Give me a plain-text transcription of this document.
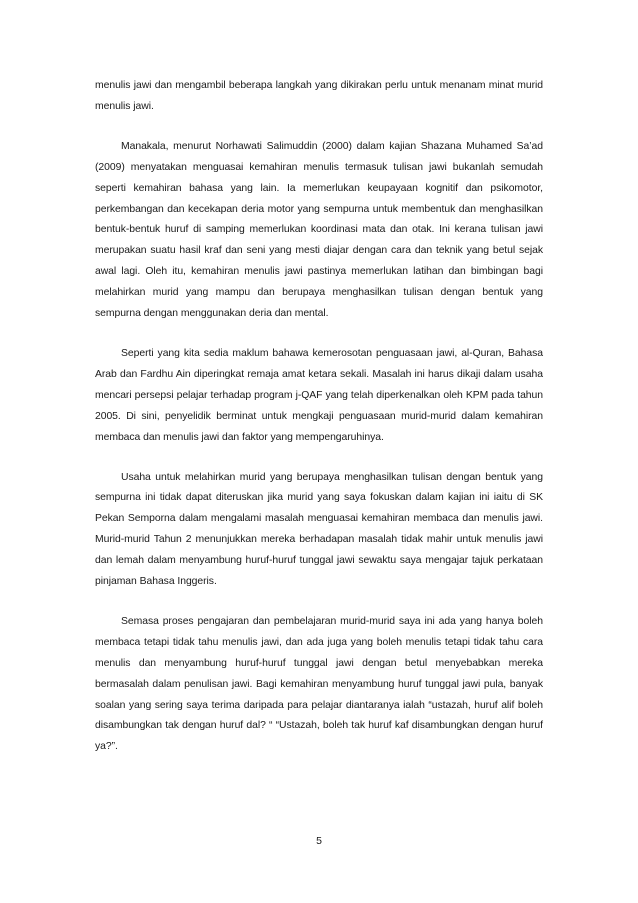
menulis jawi dan mengambil beberapa langkah yang dikirakan perlu untuk menanam minat murid menulis jawi.

Manakala, menurut Norhawati Salimuddin (2000) dalam kajian Shazana Muhamed Sa’ad (2009) menyatakan menguasai kemahiran menulis termasuk tulisan jawi bukanlah semudah seperti kemahiran bahasa yang lain. Ia memerlukan keupayaan kognitif dan psikomotor, perkembangan dan kecekapan deria motor yang sempurna untuk membentuk dan menghasilkan bentuk-bentuk huruf di samping memerlukan koordinasi mata dan otak. Ini kerana tulisan jawi merupakan suatu hasil kraf dan seni yang mesti diajar dengan cara dan teknik yang betul sejak awal lagi. Oleh itu, kemahiran menulis jawi pastinya memerlukan latihan dan bimbingan bagi melahirkan murid yang mampu dan berupaya menghasilkan tulisan dengan bentuk yang sempurna dengan menggunakan deria dan mental.

Seperti yang kita sedia maklum bahawa kemerosotan penguasaan jawi, al-Quran, Bahasa Arab dan Fardhu Ain diperingkat remaja amat ketara sekali. Masalah ini harus dikaji dalam usaha mencari persepsi pelajar terhadap program j-QAF yang telah diperkenalkan oleh KPM pada tahun 2005. Di sini, penyelidik berminat untuk mengkaji penguasaan murid-murid dalam kemahiran membaca dan menulis jawi dan faktor yang mempengaruhinya.

Usaha untuk melahirkan murid yang berupaya menghasilkan tulisan dengan bentuk yang sempurna ini tidak dapat diteruskan jika murid yang saya fokuskan dalam kajian ini iaitu di SK Pekan Semporna dalam mengalami masalah menguasai kemahiran membaca dan menulis jawi. Murid-murid Tahun 2 menunjukkan mereka berhadapan masalah tidak mahir untuk menulis jawi dan lemah dalam menyambung huruf-huruf tunggal jawi sewaktu saya mengajar tajuk perkataan pinjaman Bahasa Inggeris.

Semasa proses pengajaran dan pembelajaran murid-murid saya ini ada yang hanya boleh membaca tetapi tidak tahu menulis jawi, dan ada juga yang boleh menulis tetapi tidak tahu cara menulis dan menyambung huruf-huruf tunggal jawi dengan betul menyebabkan mereka bermasalah dalam penulisan jawi. Bagi kemahiran menyambung huruf tunggal jawi pula, banyak soalan yang sering saya terima daripada para pelajar diantaranya ialah “ustazah, huruf alif boleh disambungkan tak dengan huruf dal? “ “Ustazah, boleh tak huruf kaf disambungkan dengan huruf ya?”.

5
